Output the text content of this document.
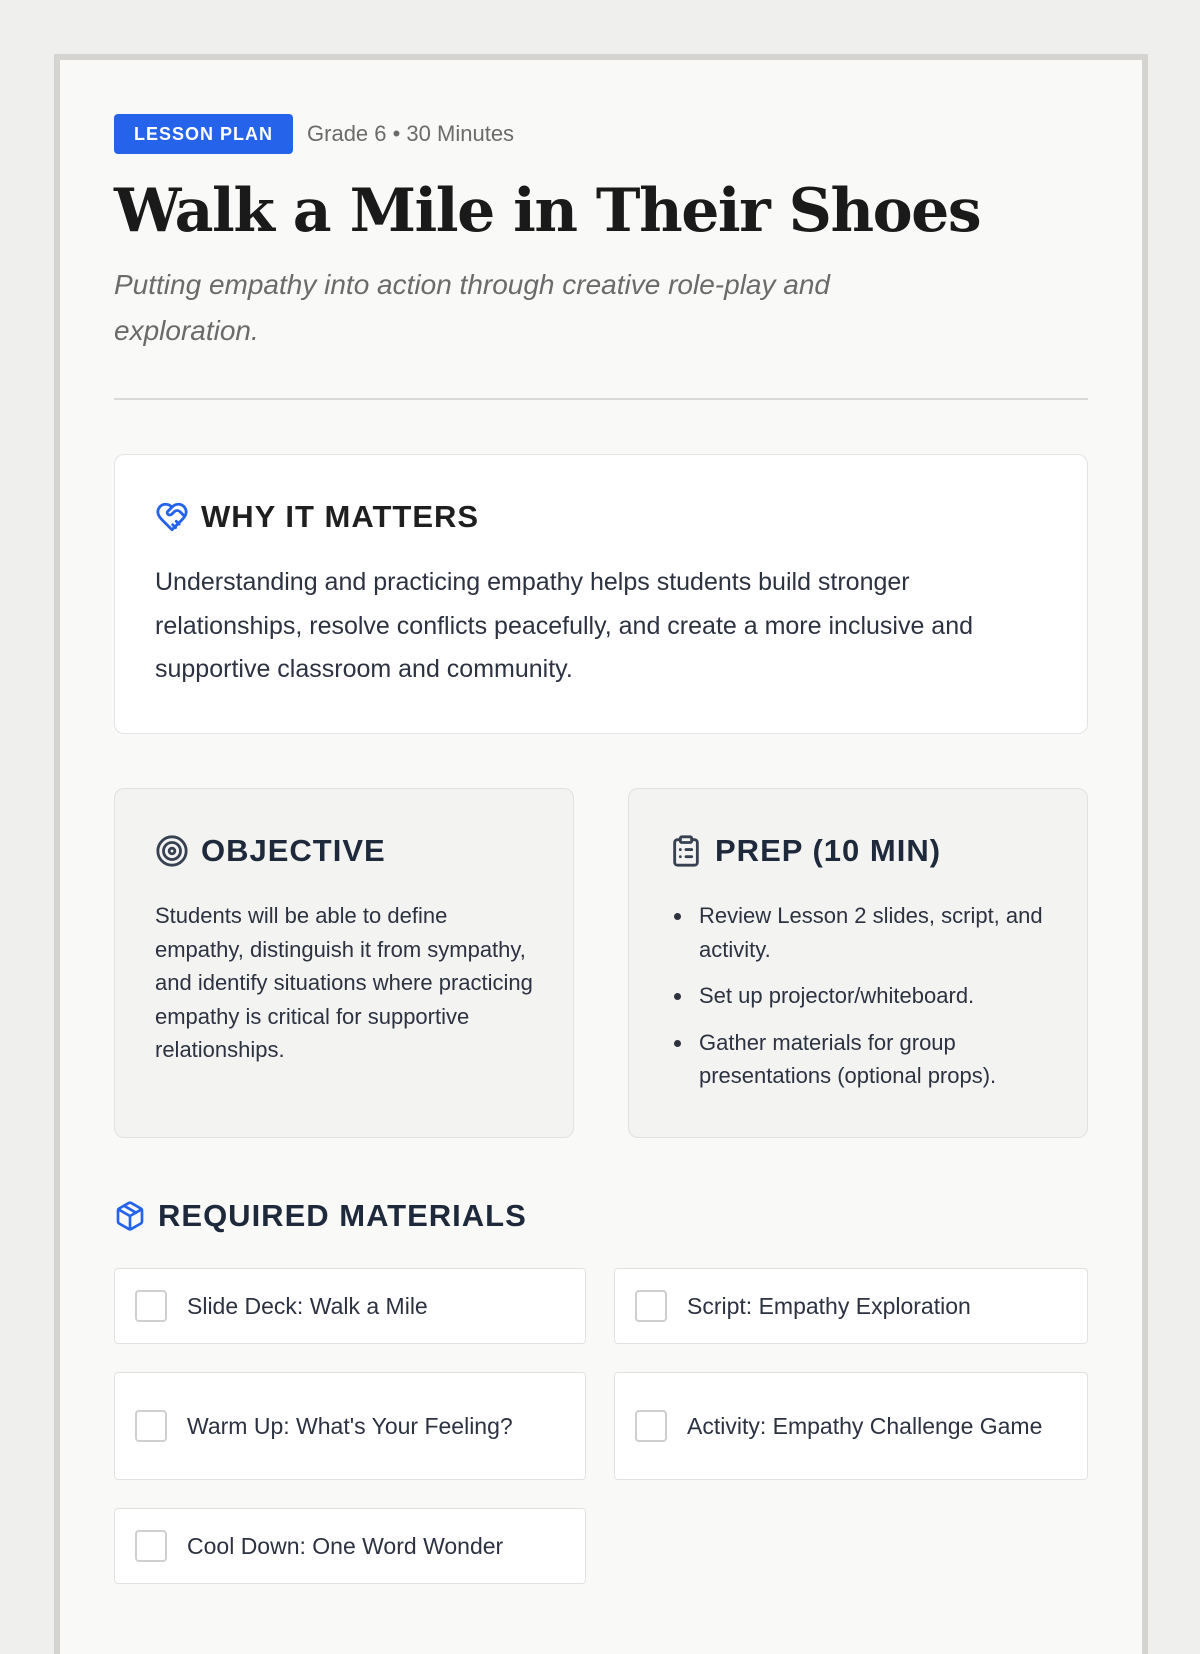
LESSON PLAN	Grade 6 • 30 Minutes
Walk a Mile in Their Shoes

Putting empathy into action through creative role-play and exploration.

WHY IT MATTERS

Understanding and practicing empathy helps students build stronger relationships, resolve conflicts peacefully, and create a more inclusive and supportive classroom and community.

OBJECTIVE

Students will be able to define empathy, distinguish it from sympathy, and identify situations where practicing empathy is critical for supportive relationships.

PREP (10 MIN)
Review Lesson 2 slides, script, and activity.
Set up projector/whiteboard.
Gather materials for group presentations (optional props).
REQUIRED MATERIALS
Slide Deck: Walk a Mile	Script: Empathy Exploration
Warm Up: What's Your Feeling?	Activity: Empathy Challenge Game
Cool Down: One Word Wonder
